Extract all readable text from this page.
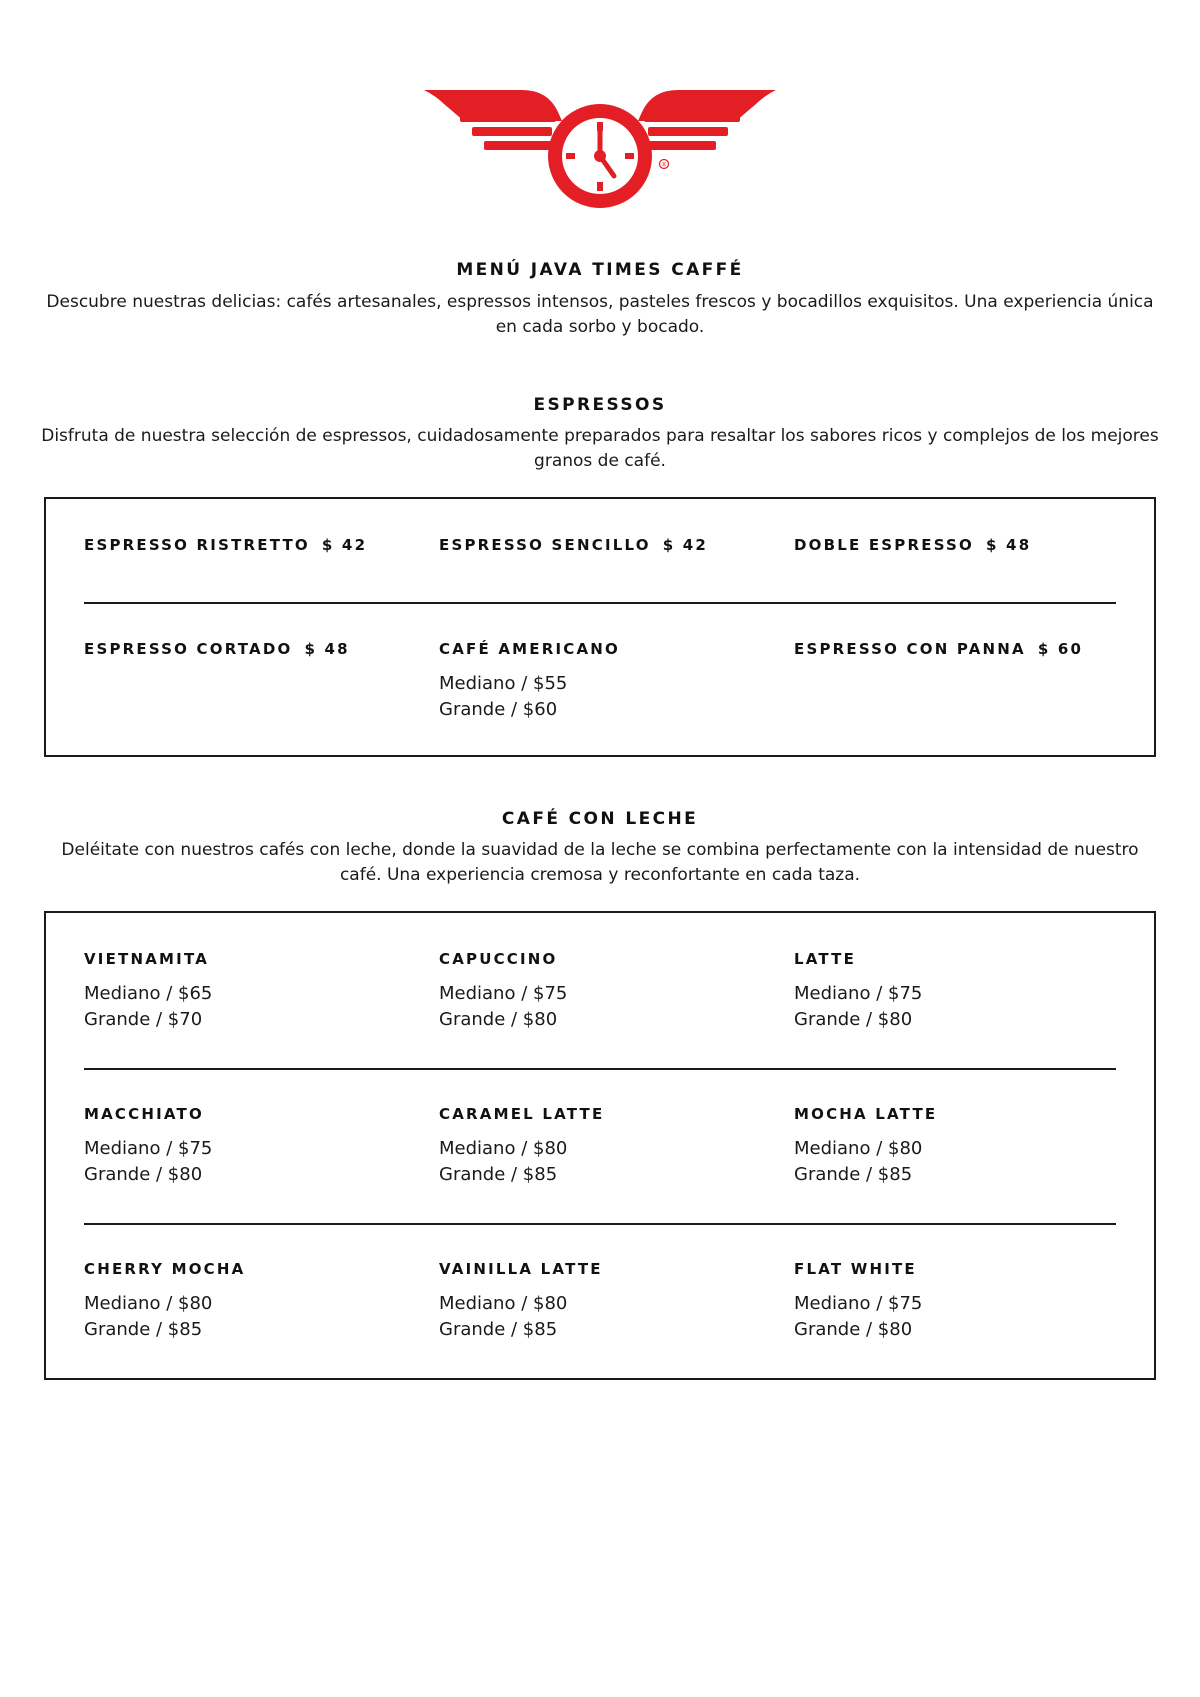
®
MENÚ JAVA TIMES CAFFÉ

Descubre nuestras delicias: cafés artesanales, espressos intensos, pasteles frescos y bocadillos exquisitos. Una experiencia única en cada sorbo y bocado.

ESPRESSOS

Disfruta de nuestra selección de espressos, cuidadosamente preparados para resaltar los sabores ricos y complejos de los mejores granos de café.

ESPRESSO RISTRETTO $ 42	ESPRESSO SENCILLO $ 42	DOBLE ESPRESSO $ 48
ESPRESSO CORTADO $ 48	CAFÉ AMERICANO
Mediano / $55
Grande / $60
ESPRESSO CON PANNA $ 60
CAFÉ CON LECHE

Deléitate con nuestros cafés con leche, donde la suavidad de la leche se combina perfectamente con la intensidad de nuestro café. Una experiencia cremosa y reconfortante en cada taza.

VIETNAMITA
Mediano / $65
Grande / $70
CAPUCCINO
Mediano / $75
Grande / $80
LATTE
Mediano / $75
Grande / $80
MACCHIATO
Mediano / $75
Grande / $80
CARAMEL LATTE
Mediano / $80
Grande / $85
MOCHA LATTE
Mediano / $80
Grande / $85
CHERRY MOCHA
Mediano / $80
Grande / $85
VAINILLA LATTE
Mediano / $80
Grande / $85
FLAT WHITE
Mediano / $75
Grande / $80
